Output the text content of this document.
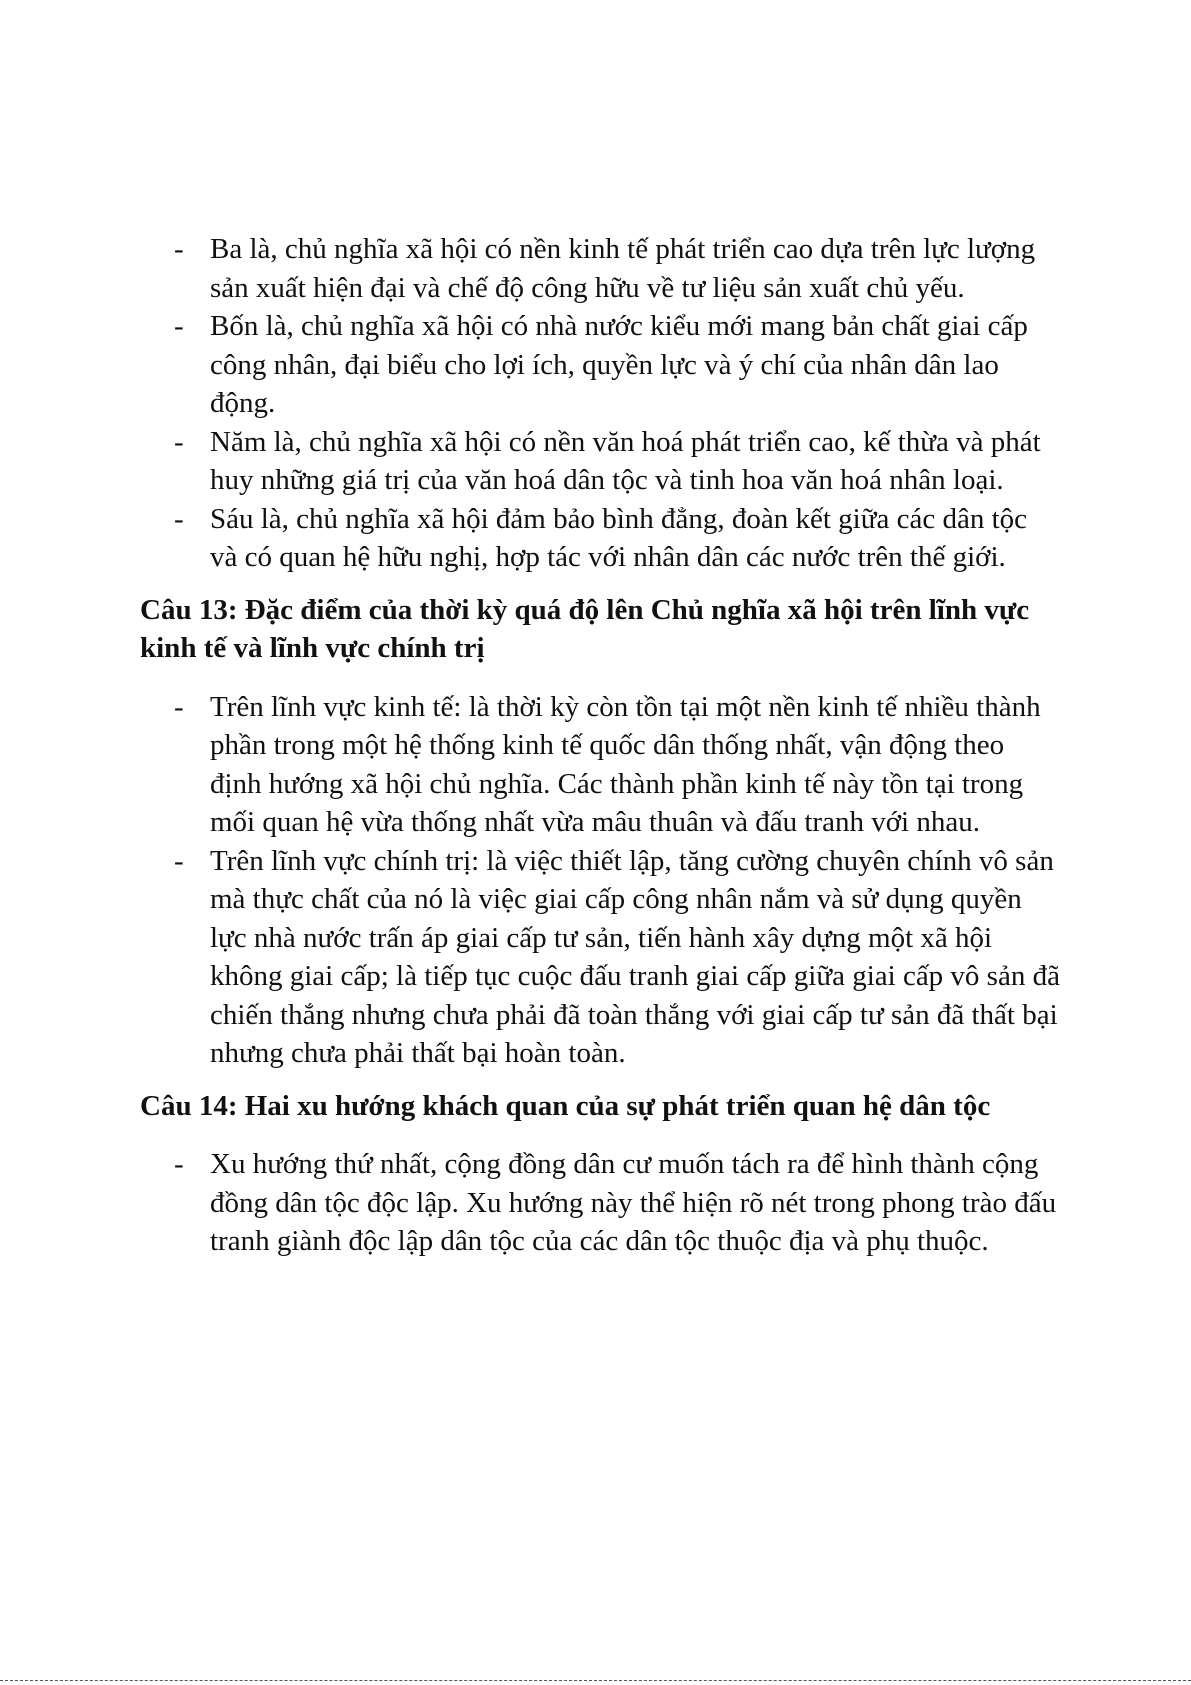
- Ba là, chủ nghĩa xã hội có nền kinh tế phát triển cao dựa trên lực lượng sản xuất hiện đại và chế độ công hữu về tư liệu sản xuất chủ yếu.
- Bốn là, chủ nghĩa xã hội có nhà nước kiểu mới mang bản chất giai cấp công nhân, đại biểu cho lợi ích, quyền lực và ý chí của nhân dân lao động.
- Năm là, chủ nghĩa xã hội có nền văn hoá phát triển cao, kế thừa và phát huy những giá trị của văn hoá dân tộc và tinh hoa văn hoá nhân loại.
- Sáu là, chủ nghĩa xã hội đảm bảo bình đẳng, đoàn kết giữa các dân tộc và có quan hệ hữu nghị, hợp tác với nhân dân các nước trên thế giới.
Câu 13: Đặc điểm của thời kỳ quá độ lên Chủ nghĩa xã hội trên lĩnh vực kinh tế và lĩnh vực chính trị
- Trên lĩnh vực kinh tế: là thời kỳ còn tồn tại một nền kinh tế nhiều thành phần trong một hệ thống kinh tế quốc dân thống nhất, vận động theo định hướng xã hội chủ nghĩa. Các thành phần kinh tế này tồn tại trong mối quan hệ vừa thống nhất vừa mâu thuân và đấu tranh với nhau.
- Trên lĩnh vực chính trị: là việc thiết lập, tăng cường chuyên chính vô sản mà thực chất của nó là việc giai cấp công nhân nắm và sử dụng quyền lực nhà nước trấn áp giai cấp tư sản, tiến hành xây dựng một xã hội không giai cấp; là tiếp tục cuộc đấu tranh giai cấp giữa giai cấp vô sản đã chiến thắng nhưng chưa phải đã toàn thắng với giai cấp tư sản đã thất bại nhưng chưa phải thất bại hoàn toàn.
Câu 14: Hai xu hướng khách quan của sự phát triển quan hệ dân tộc
- Xu hướng thứ nhất, cộng đồng dân cư muốn tách ra để hình thành cộng đồng dân tộc độc lập. Xu hướng này thể hiện rõ nét trong phong trào đấu tranh giành độc lập dân tộc của các dân tộc thuộc địa và phụ thuộc.
